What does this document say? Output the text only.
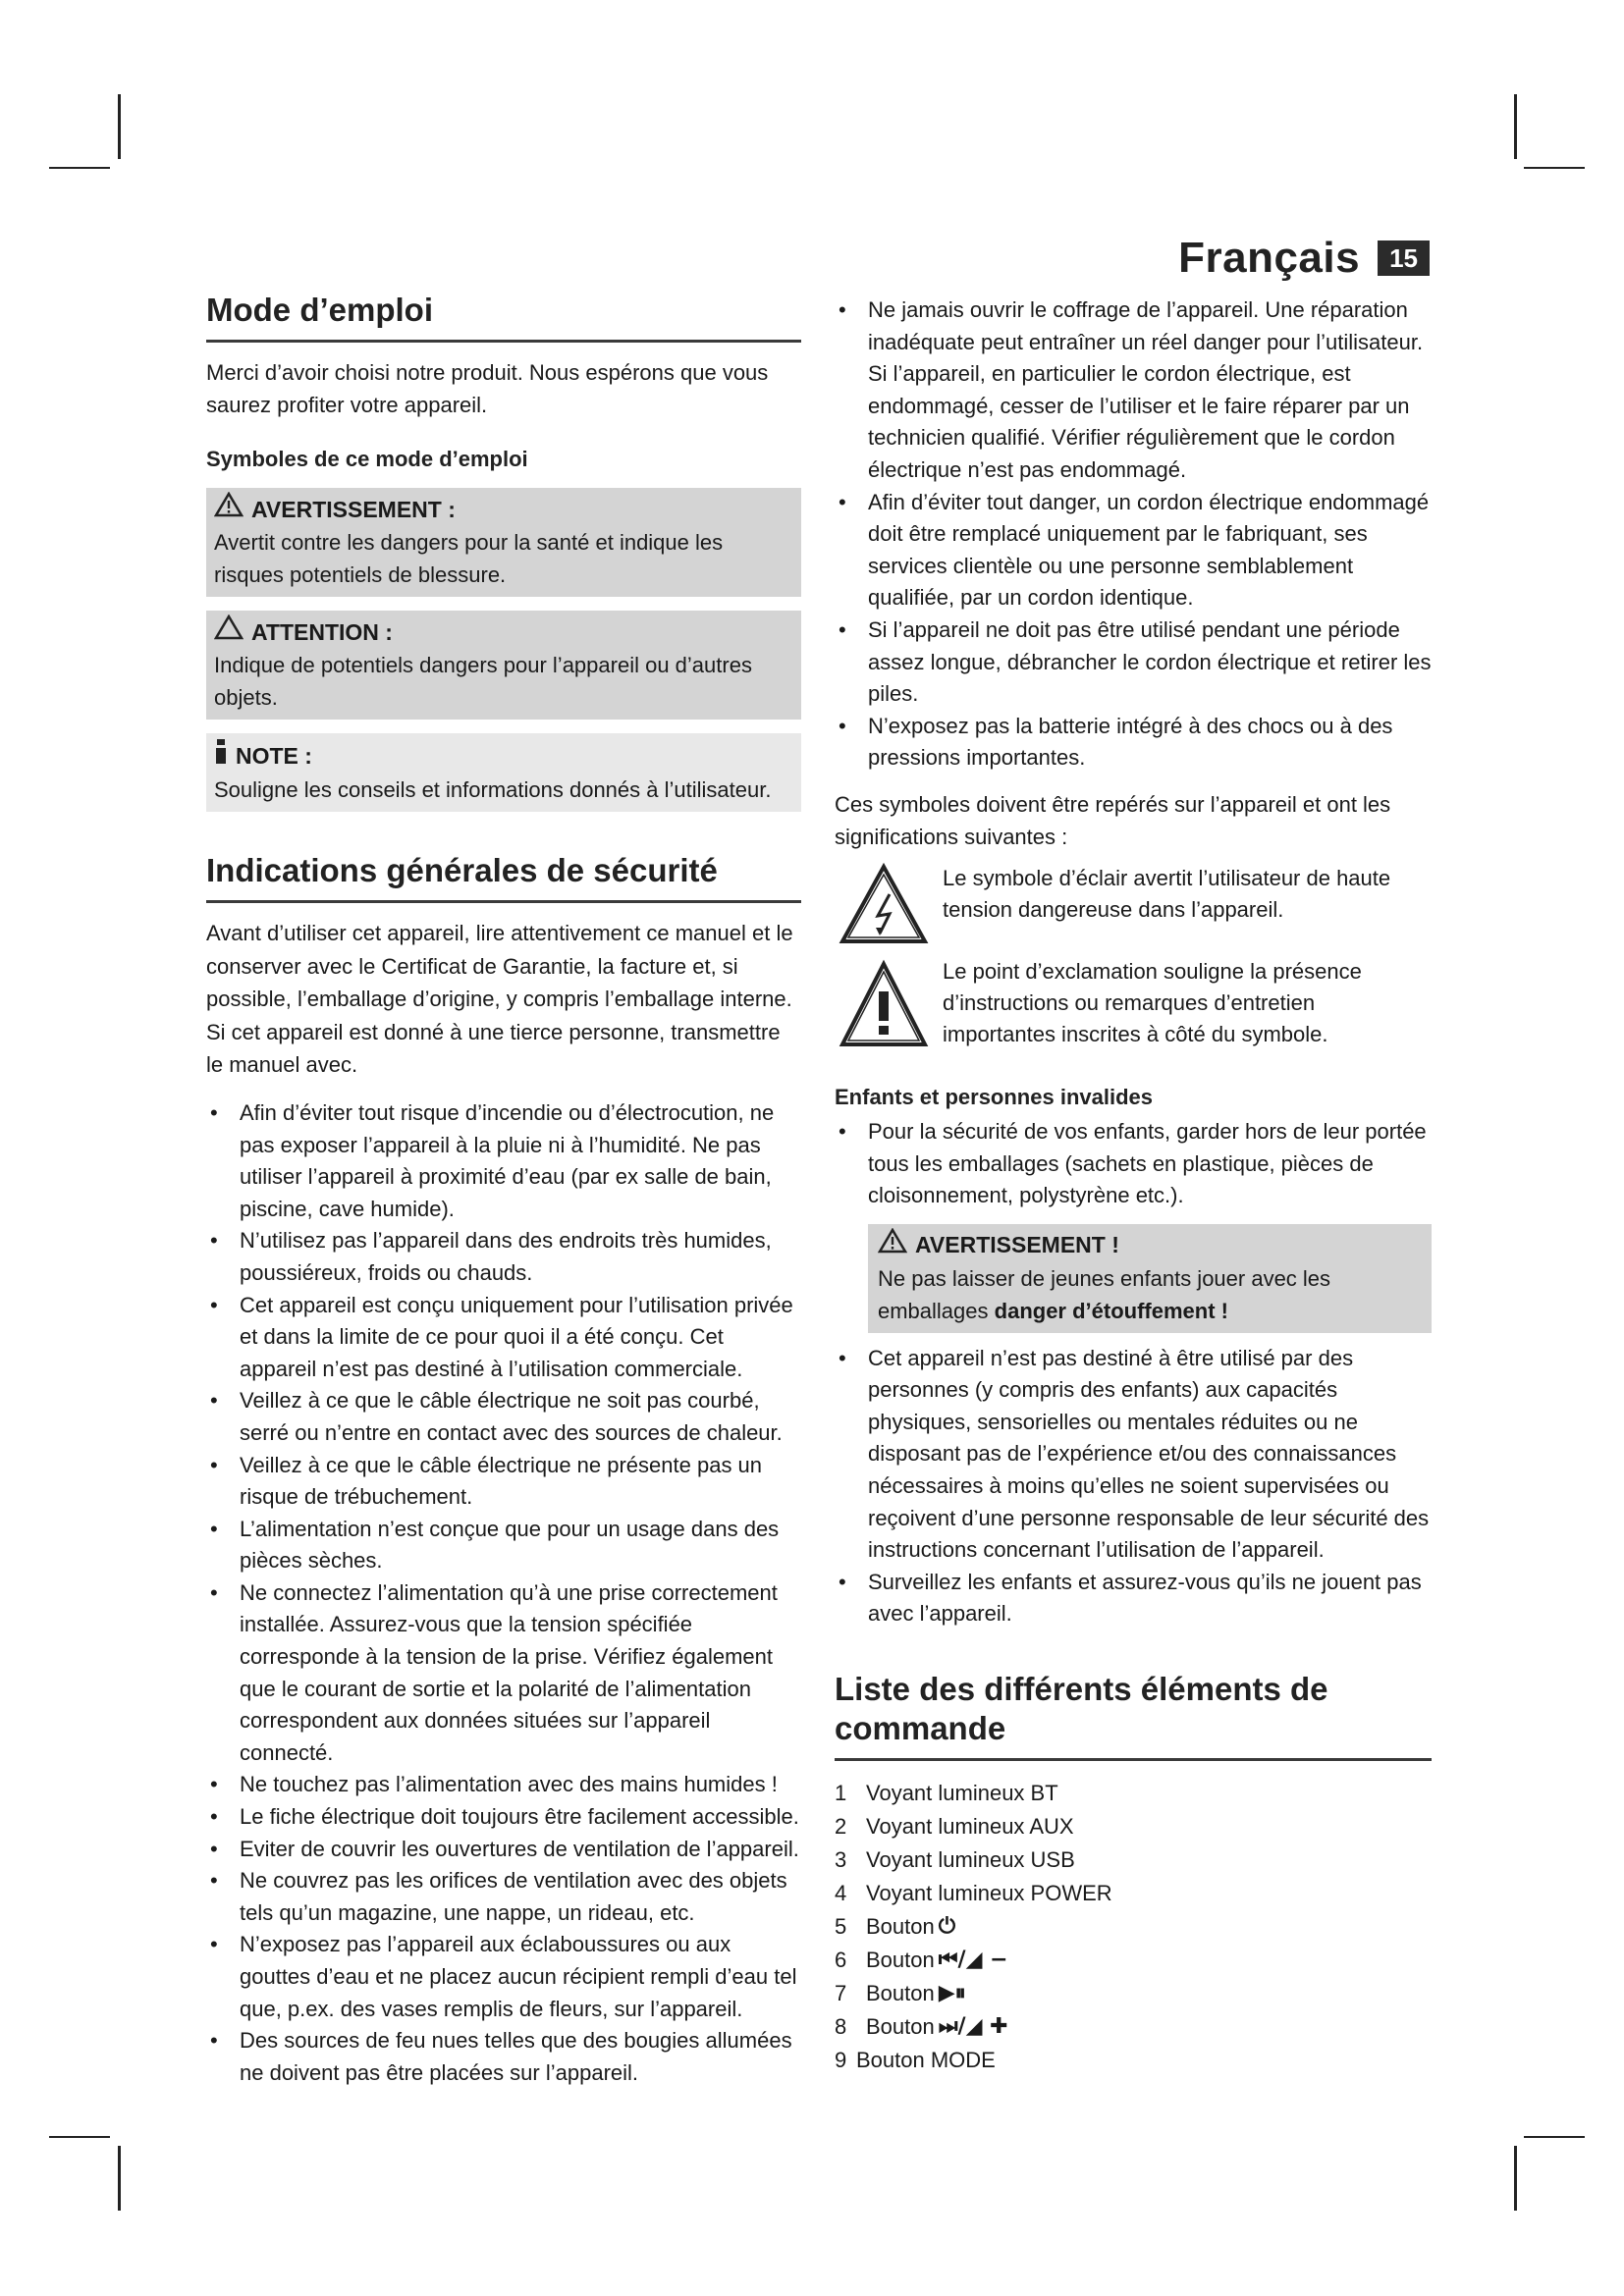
Français	15
Mode d’emploi

Merci d’avoir choisi notre produit. Nous espérons que vous saurez profiter votre appareil.

Symboles de ce mode d’emploi
AVERTISSEMENT :
Avertit contre les dangers pour la santé et indique les risques potentiels de blessure.
ATTENTION :
Indique de potentiels dangers pour l’appareil ou d’autres objets.
NOTE :
Souligne les conseils et informations donnés à l’utilisateur.
Indications générales de sécurité

Avant d’utiliser cet appareil, lire attentivement ce manuel et le conserver avec le Certificat de Garantie, la facture et, si possible, l’emballage d’origine, y compris l’emballage interne. Si cet appareil est donné à une tierce personne, transmettre le manuel avec.

• Afin d’éviter tout risque d’incendie ou d’électrocution, ne pas exposer l’appareil à la pluie ni à l’humidité. Ne pas utiliser l’appareil à proximité d’eau (par ex salle de bain, piscine, cave humide).
• N’utilisez pas l’appareil dans des endroits très humides, poussiéreux, froids ou chauds.
• Cet appareil est conçu uniquement pour l’utilisation privée et dans la limite de ce pour quoi il a été conçu. Cet appareil n’est pas destiné à l’utilisation commerciale.
• Veillez à ce que le câble électrique ne soit pas courbé, serré ou n’entre en contact avec des sources de chaleur.
• Veillez à ce que le câble électrique ne présente pas un risque de trébuchement.
• L’alimentation n’est conçue que pour un usage dans des pièces sèches.
• Ne connectez l’alimentation qu’à une prise correctement installée. Assurez-vous que la tension spécifiée corresponde à la tension de la prise. Vérifiez également que le courant de sortie et la polarité de l’alimentation correspondent aux données situées sur l’appareil connecté.
• Ne touchez pas l’alimentation avec des mains humides !
• Le fiche électrique doit toujours être facilement accessible.
• Eviter de couvrir les ouvertures de ventilation de l’appareil.
• Ne couvrez pas les orifices de ventilation avec des objets tels qu’un magazine, une nappe, un rideau, etc.
• N’exposez pas l’appareil aux éclaboussures ou aux gouttes d’eau et ne placez aucun récipient rempli d’eau tel que, p.ex. des vases remplis de fleurs, sur l’appareil.
• Des sources de feu nues telles que des bougies allumées ne doivent pas être placées sur l’appareil.
• Ne jamais ouvrir le coffrage de l’appareil. Une réparation inadéquate peut entraîner un réel danger pour l’utilisateur. Si l’appareil, en particulier le cordon électrique, est endommagé, cesser de l’utiliser et le faire réparer par un technicien qualifié. Vérifier régulièrement que le cordon électrique n’est pas endommagé.
• Afin d’éviter tout danger, un cordon électrique endommagé doit être remplacé uniquement par le fabriquant, ses services clientèle ou une personne semblablement qualifiée, par un cordon identique.
• Si l’appareil ne doit pas être utilisé pendant une période assez longue, débrancher le cordon électrique et retirer les piles.
• N’exposez pas la batterie intégré à des chocs ou à des pressions importantes.

Ces symboles doivent être repérés sur l’appareil et ont les significations suivantes :

Le symbole d’éclair avertit l’utilisateur de haute tension dangereuse dans l’appareil.
Le point d’exclamation souligne la présence d’instructions ou remarques d’entretien importantes inscrites à côté du symbole.
Enfants et personnes invalides
• Pour la sécurité de vos enfants, garder hors de leur portée tous les emballages (sachets en plastique, pièces de cloisonnement, polystyrène etc.).
AVERTISSEMENT !
Ne pas laisser de jeunes enfants jouer avec les emballages danger d’étouffement !
• Cet appareil n’est pas destiné à être utilisé par des personnes (y compris des enfants) aux capacités physiques, sensorielles ou mentales réduites ou ne disposant pas de l’expérience et/ou des connaissances nécessaires à moins qu’elles ne soient supervisées ou reçoivent d’une personne responsable de leur sécurité des instructions concernant l’utilisation de l’appareil.
• Surveillez les enfants et assurez-vous qu’ils ne jouent pas avec l’appareil.
Liste des différents éléments de commande
1 Voyant lumineux BT
2 Voyant lumineux AUX
3 Voyant lumineux USB
4 Voyant lumineux POWER
5 Bouton ⏻
6 Bouton ⏮/◢ −
7 Bouton ▶⏸
8 Bouton ⏭/◢ ✚
9 Bouton MODE
